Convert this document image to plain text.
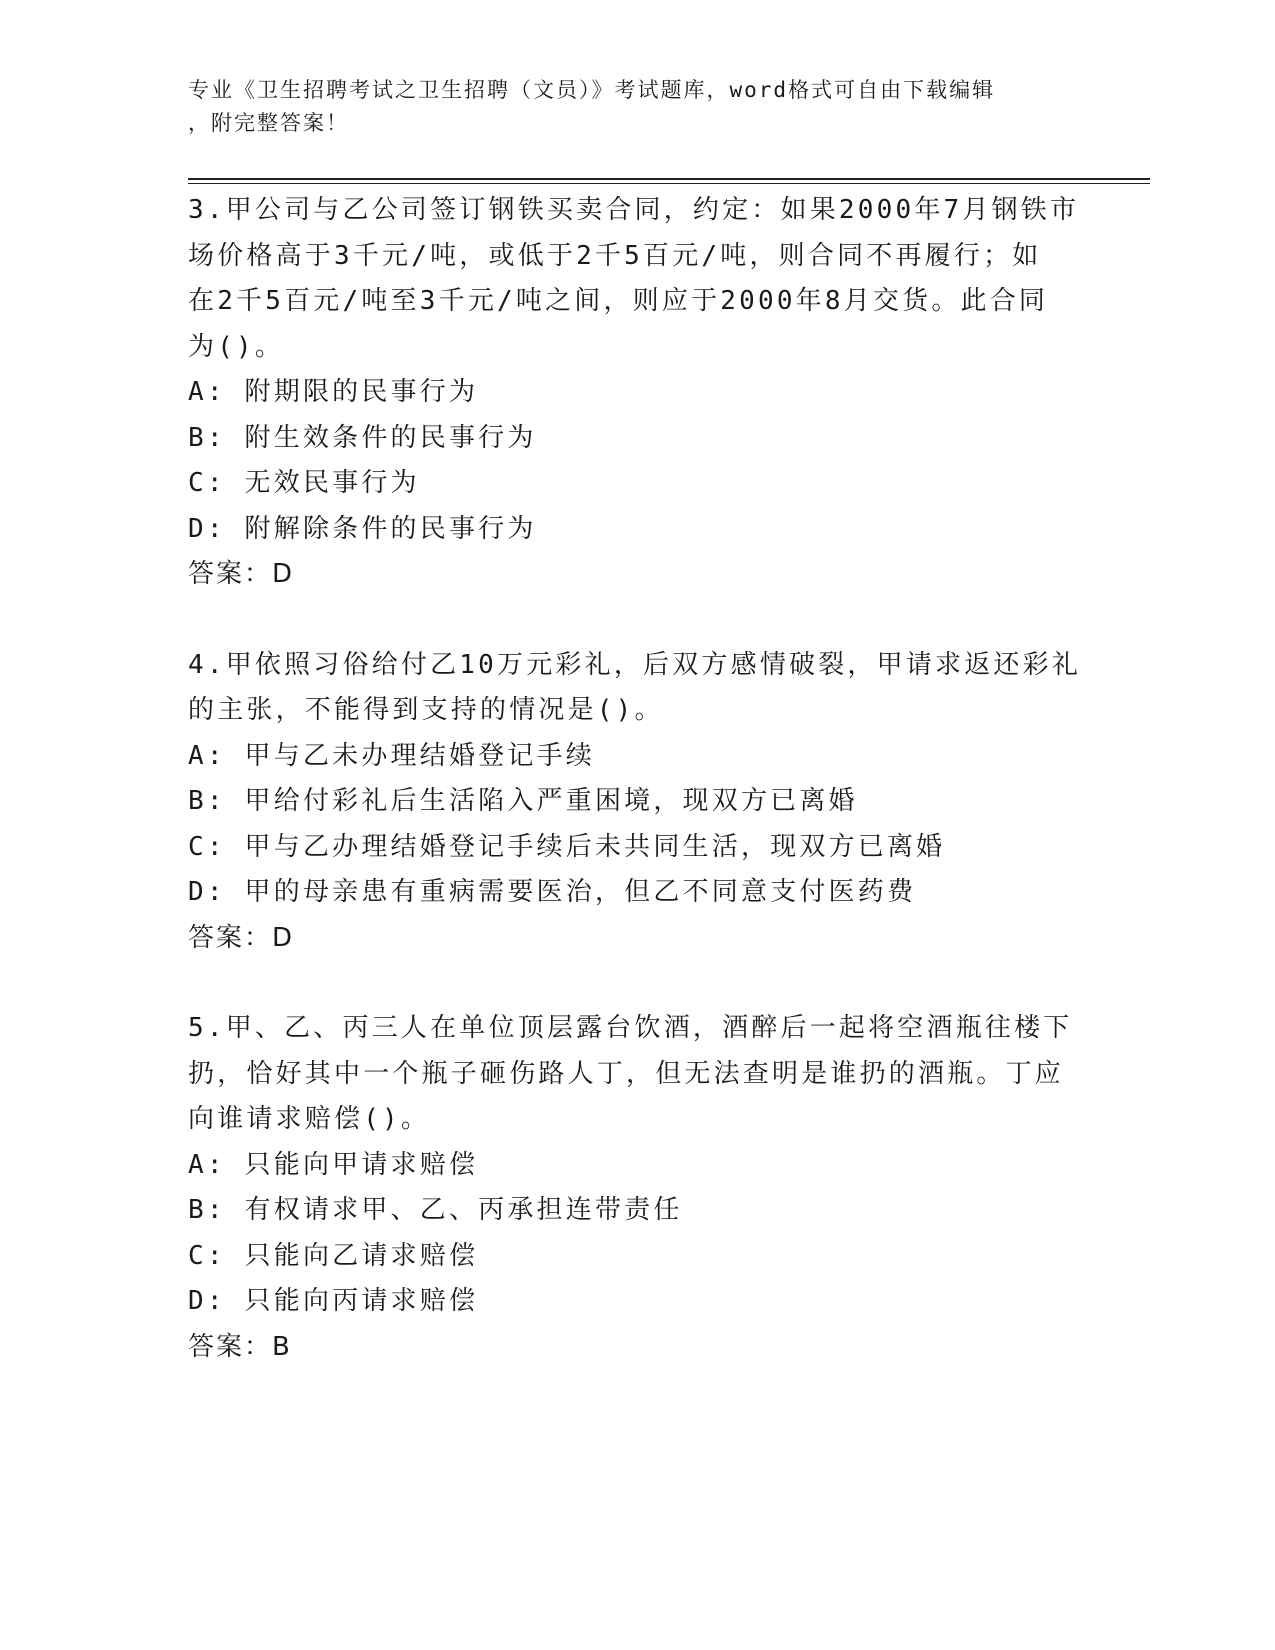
专业《卫生招聘考试之卫生招聘（文员）》考试题库，word格式可自由下载编辑
，附完整答案！
3.甲公司与乙公司签订钢铁买卖合同，约定：如果2000年7月钢铁市
场价格高于3千元/吨，或低于2千5百元/吨，则合同不再履行；如
在2千5百元/吨至3千元/吨之间，则应于2000年8月交货。此合同
为()。
A: 附期限的民事行为
B: 附生效条件的民事行为
C: 无效民事行为
D: 附解除条件的民事行为
答案：D
4.甲依照习俗给付乙10万元彩礼，后双方感情破裂，甲请求返还彩礼
的主张，不能得到支持的情况是()。
A: 甲与乙未办理结婚登记手续
B: 甲给付彩礼后生活陷入严重困境，现双方已离婚
C: 甲与乙办理结婚登记手续后未共同生活，现双方已离婚
D: 甲的母亲患有重病需要医治，但乙不同意支付医药费
答案：D
5.甲、乙、丙三人在单位顶层露台饮酒，酒醉后一起将空酒瓶往楼下
扔，恰好其中一个瓶子砸伤路人丁，但无法查明是谁扔的酒瓶。丁应
向谁请求赔偿()。
A: 只能向甲请求赔偿
B: 有权请求甲、乙、丙承担连带责任
C: 只能向乙请求赔偿
D: 只能向丙请求赔偿
答案：B
